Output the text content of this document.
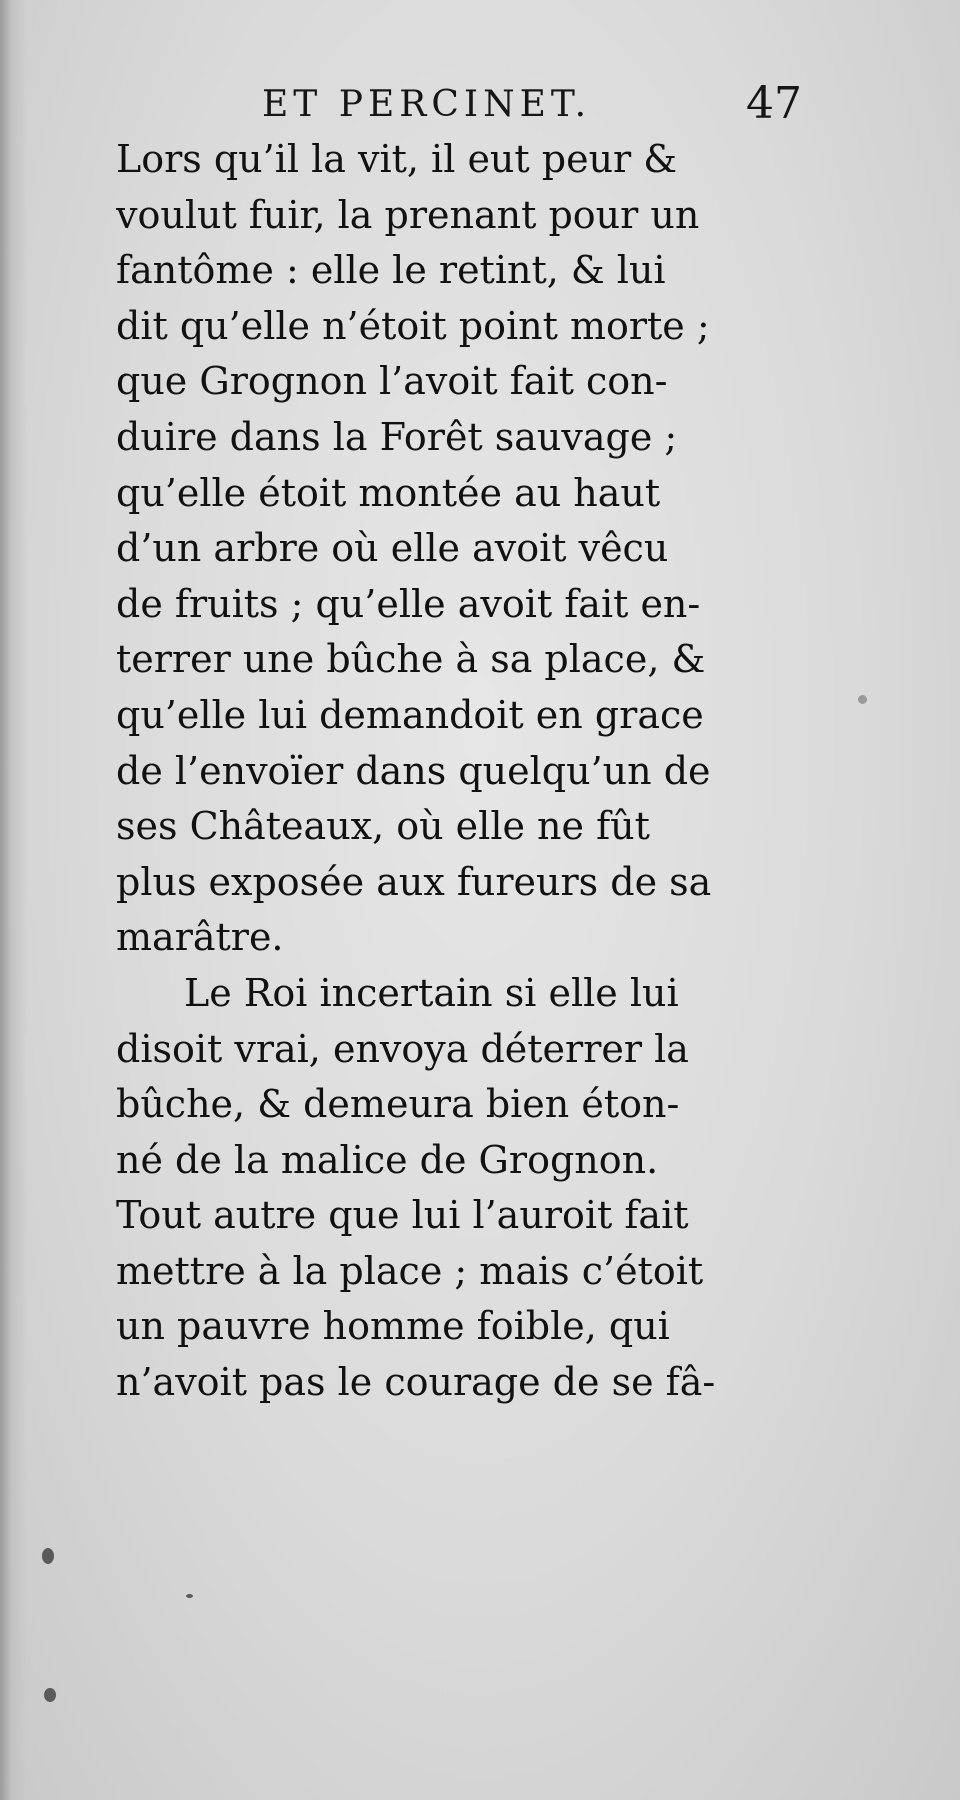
ET PERCINET.	47
Lors qu’il la vit, il eut peur &
voulut fuir, la prenant pour un
fantôme : elle le retint, & lui
dit qu’elle n’étoit point morte ;
que Grognon l’avoit fait con-
duire dans la Forêt sauvage ;
qu’elle étoit montée au haut
d’un arbre où elle avoit vêcu
de fruits ; qu’elle avoit fait en-
terrer une bûche à sa place, &
qu’elle lui demandoit en grace
de l’envoïer dans quelqu’un de
ses Châteaux, où elle ne fût
plus exposée aux fureurs de sa
marâtre.
Le Roi incertain si elle lui
disoit vrai, envoya déterrer la
bûche, & demeura bien éton-
né de la malice de Grognon.
Tout autre que lui l’auroit fait
mettre à la place ; mais c’étoit
un pauvre homme foible, qui
n’avoit pas le courage de se fâ-
